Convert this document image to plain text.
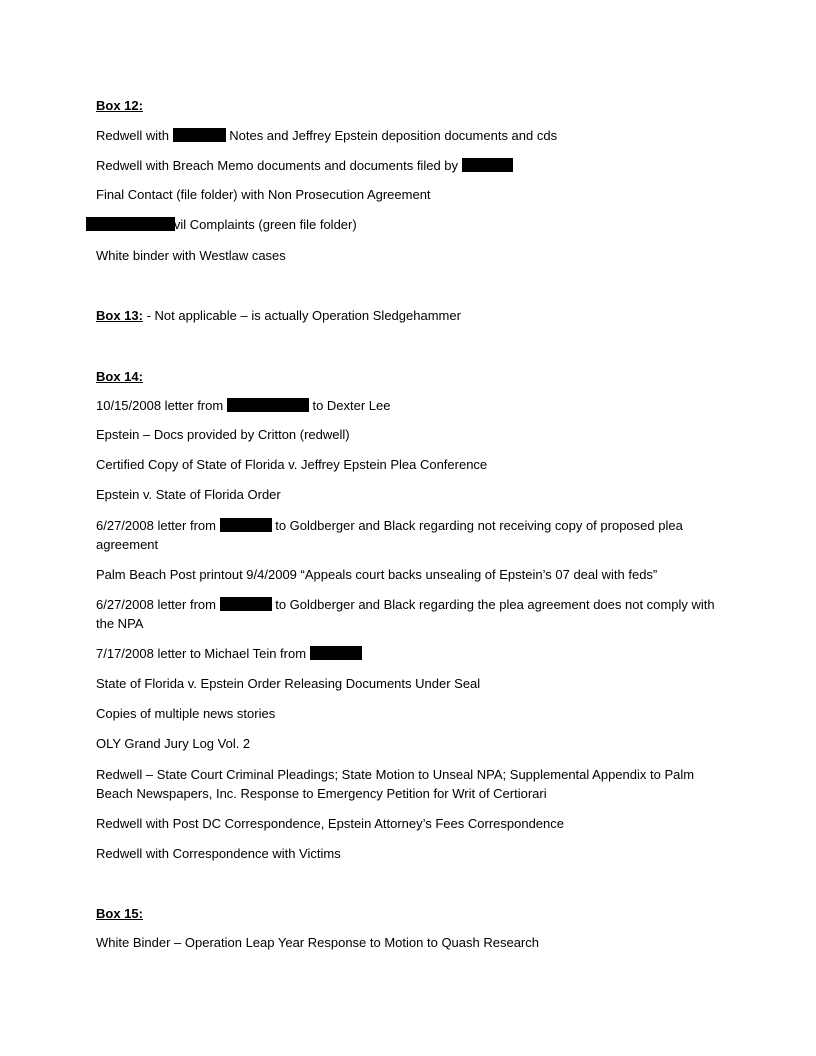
Box 12:
Redwell with	Notes and Jeffrey Epstein deposition documents and cds
Redwell with Breach Memo documents and documents filed by
Final Contact (file folder) with Non Prosecution Agreement
ivil Complaints (green file folder)
White binder with Westlaw cases
Box 13: - Not applicable – is actually Operation Sledgehammer
Box 14:
10/15/2008 letter from	to Dexter Lee
Epstein – Docs provided by Critton (redwell)
Certified Copy of State of Florida v. Jeffrey Epstein Plea Conference
Epstein v. State of Florida Order
6/27/2008 letter from	to Goldberger and Black regarding not receiving copy of proposed plea agreement
Palm Beach Post printout 9/4/2009 “Appeals court backs unsealing of Epstein’s 07 deal with feds”
6/27/2008 letter from	to Goldberger and Black regarding the plea agreement does not comply with the NPA
7/17/2008 letter to Michael Tein from
State of Florida v. Epstein Order Releasing Documents Under Seal
Copies of multiple news stories
OLY Grand Jury Log Vol. 2
Redwell – State Court Criminal Pleadings; State Motion to Unseal NPA; Supplemental Appendix to Palm Beach Newspapers, Inc. Response to Emergency Petition for Writ of Certiorari
Redwell with Post DC Correspondence, Epstein Attorney’s Fees Correspondence
Redwell with Correspondence with Victims
Box 15:
White Binder – Operation Leap Year Response to Motion to Quash Research
